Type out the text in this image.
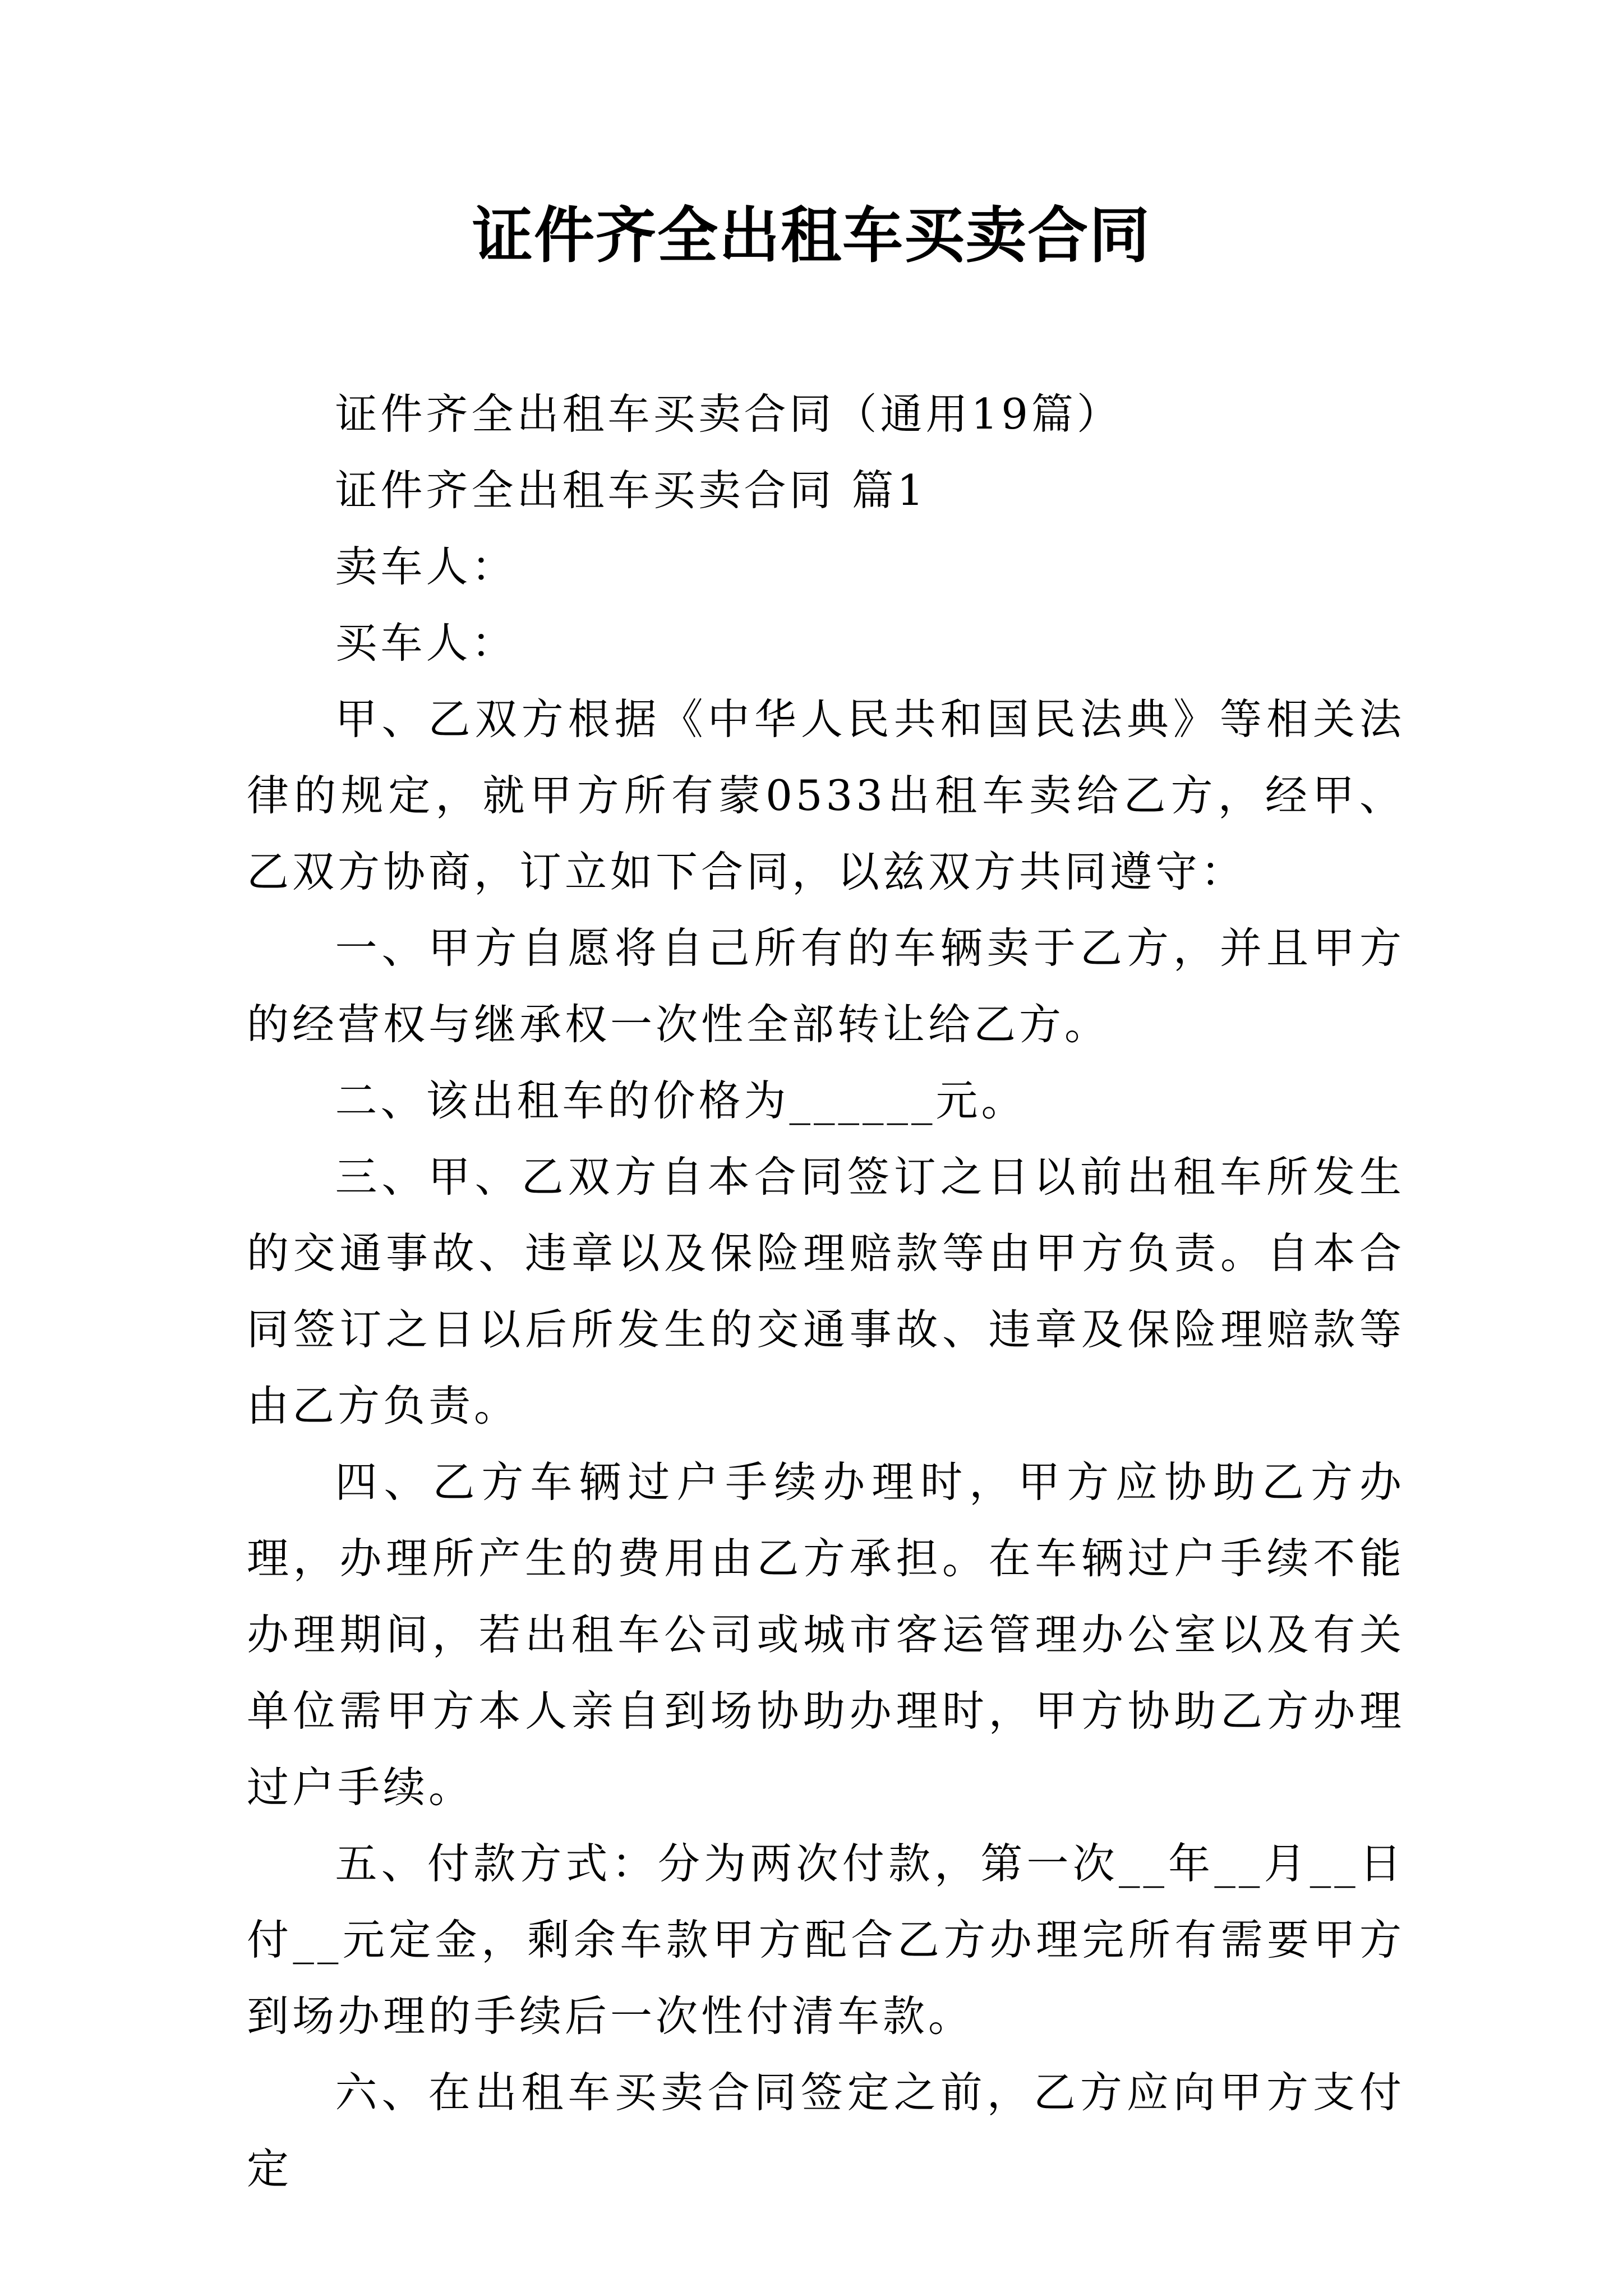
证件齐全出租车买卖合同

证件齐全出租车买卖合同（通用19篇）

证件齐全出租车买卖合同 篇1

卖车人：

买车人：

甲、乙双方根据《中华人民共和国民法典》等相关法律的规定，就甲方所有蒙0533出租车卖给乙方，经甲、乙双方协商，订立如下合同，以兹双方共同遵守：

一、甲方自愿将自己所有的车辆卖于乙方，并且甲方的经营权与继承权一次性全部转让给乙方。

二、该出租车的价格为______元。

三、甲、乙双方自本合同签订之日以前出租车所发生的交通事故、违章以及保险理赔款等由甲方负责。自本合同签订之日以后所发生的交通事故、违章及保险理赔款等由乙方负责。

四、乙方车辆过户手续办理时，甲方应协助乙方办理，办理所产生的费用由乙方承担。在车辆过户手续不能办理期间，若出租车公司或城市客运管理办公室以及有关单位需甲方本人亲自到场协助办理时，甲方协助乙方办理过户手续。

五、付款方式：分为两次付款，第一次__年__月__日付__元定金，剩余车款甲方配合乙方办理完所有需要甲方到场办理的手续后一次性付清车款。

六、在出租车买卖合同签定之前，乙方应向甲方支付定
